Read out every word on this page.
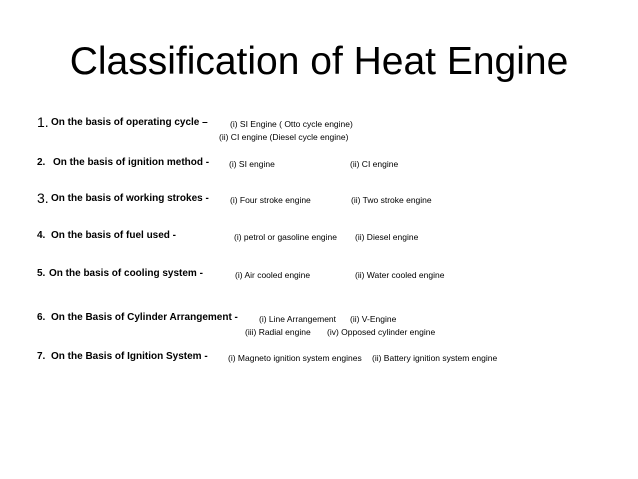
Classification of Heat Engine
1. On the basis of operating cycle –	(i) SI Engine ( Otto cycle engine)
(ii) CI engine (Diesel cycle engine)
2. On the basis of ignition method - (i) SI engine	(ii) CI engine
3. On the basis of working strokes - (i) Four stroke engine	(ii) Two stroke engine
4. On the basis of fuel used -	(i) petrol or gasoline engine (ii) Diesel engine
5. On the basis of cooling system -	(i) Air cooled engine	(ii) Water cooled engine
6. On the Basis of Cylinder Arrangement - (i) Line Arrangement (ii) V-Engine
(iii) Radial engine (iv) Opposed cylinder engine
7. On the Basis of Ignition System - (i) Magneto ignition system engines (ii) Battery ignition system engine
